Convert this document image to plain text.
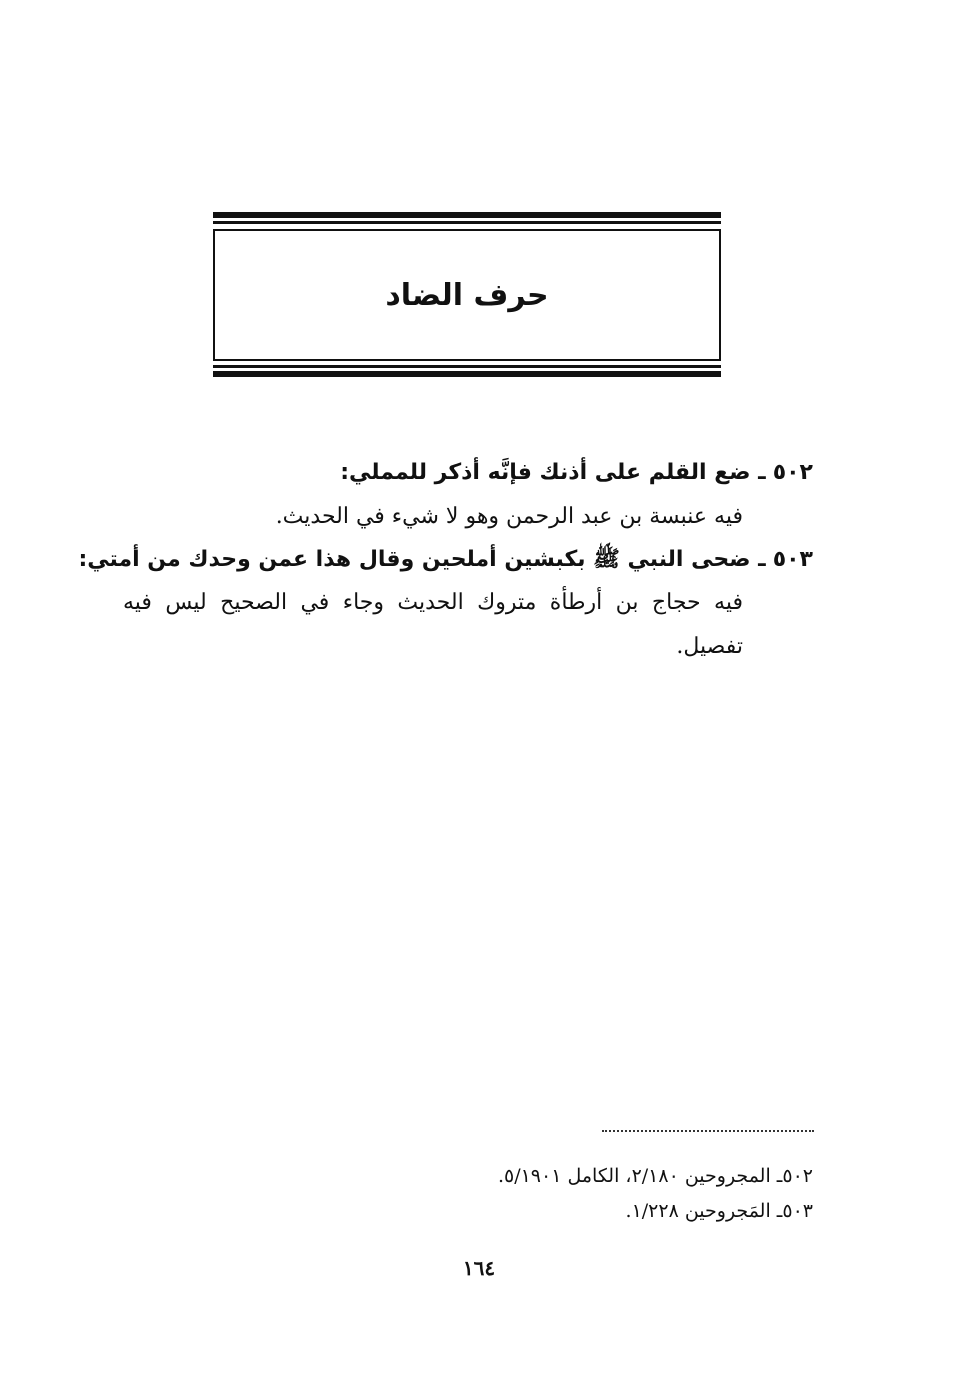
حرف الضاد
٥٠٢ ـ ضع القلم على أذنك فإنَّه أذكر للمملي:
فيه عنبسة بن عبد الرحمن وهو لا شيء في الحديث.
٥٠٣ ـ ضحى النبي ﷺ بكبشين أملحين وقال هذا عمن وحدك من أمتي:
فيه حجاج بن أرطأة متروك الحديث وجاء في الصحيح ليس فيه
تفصيل.
٥٠٢ـ المجروحين ٢/١٨٠، الكامل ٥/١٩٠١.
٥٠٣ـ المَجروحين ١/٢٢٨.
١٦٤
